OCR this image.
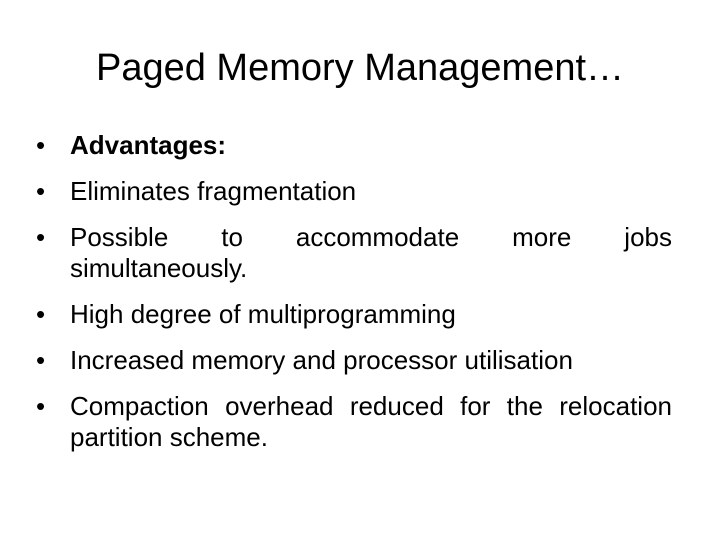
Paged Memory Management…
• Advantages:
• Eliminates fragmentation
• Possible to accommodate more jobs simultaneously.
• High degree of multiprogramming
• Increased memory and processor utilisation
• Compaction overhead reduced for the relocation partition scheme.
